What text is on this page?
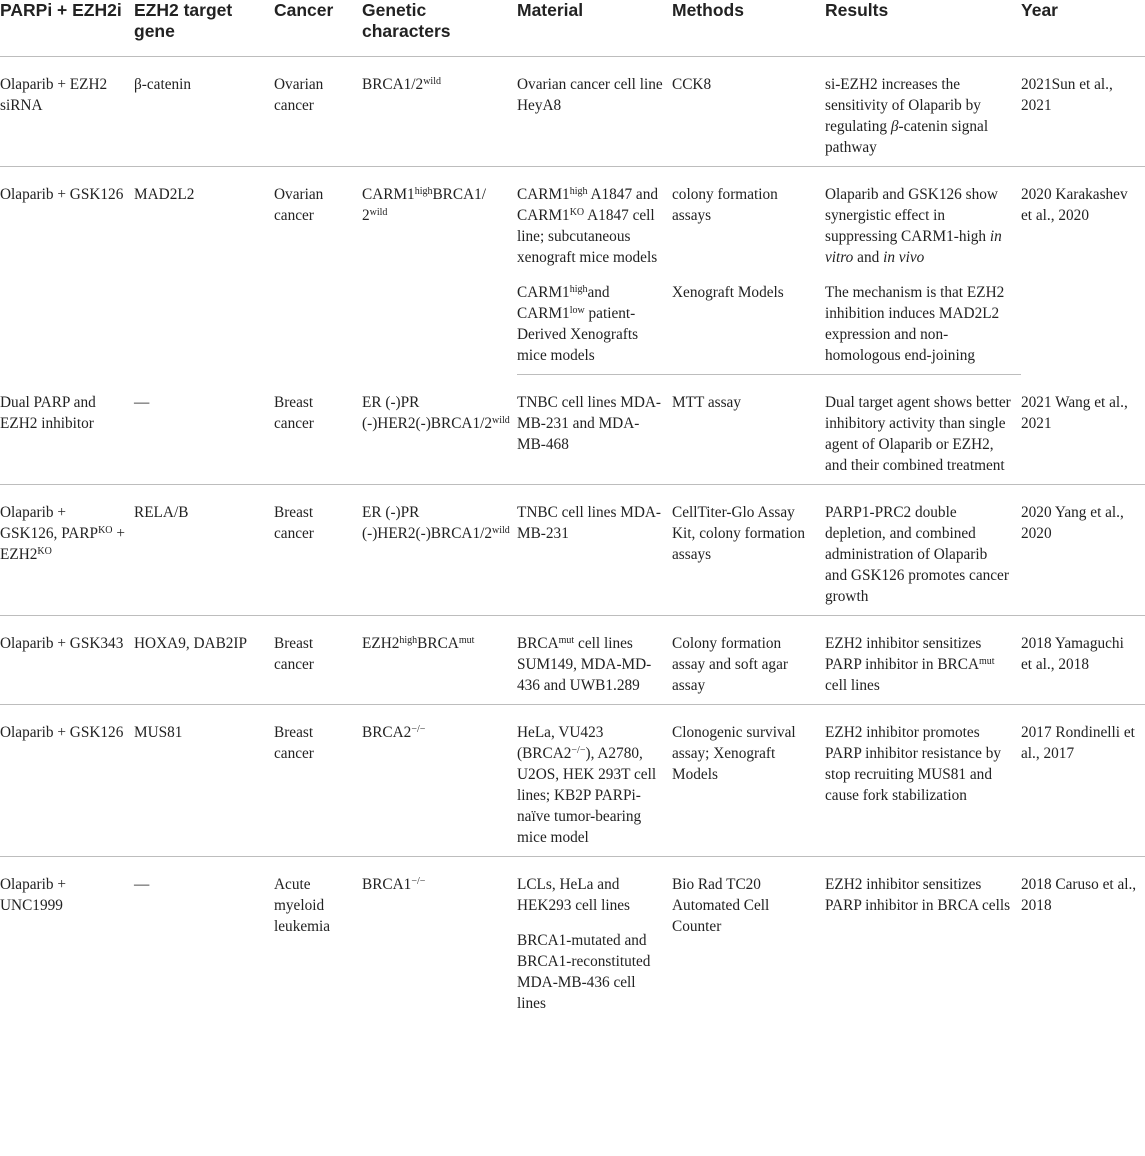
PARPi + EZH2i	EZH2 target gene	Cancer	Genetic characters	Material	Methods	Results	Year
Olaparib + EZH2 siRNA	β-catenin	Ovarian cancer	$BRCA1/2^{wild}$	Ovarian cancer cell line HeyA8	CCK8	si-EZH2 increases the sensitivity of Olaparib by regulating β-catenin signal pathway	2021Sun et al., 2021
Olaparib + GSK126	MAD2L2	Ovarian cancer	$CARM1^{high}BRCA1/$ $2^{wild}$	$CARM1^{high}$ A1847 and $CARM1^{KO}$ A1847 cell line; subcutaneous xenograft mice models	colony formation assays	Olaparib and GSK126 show synergistic effect in suppressing CARM1-high in vitro and in vivo	2020 Karakashev et al., 2020
				$CARM1^{high}and$ $CARM1^{low}$ patient-Derived Xenografts mice models	Xenograft Models	The mechanism is that EZH2 inhibition induces MAD2L2 expression and non-homologous end-joining	
Dual PARP and EZH2 inhibitor	—	Breast cancer	ER (-)PR $(-)HER2(-)BRCA1/2^{wild}$	TNBC cell lines MDA-MB-231 and MDA-MB-468	MTT assay	Dual target agent shows better inhibitory activity than single agent of Olaparib or EZH2, and their combined treatment	2021 Wang et al., 2021
Olaparib + GSK126, $PARP^{KO} + EZH2^{KO}$	RELA/B	Breast cancer	ER (-)PR $(-)HER2(-)BRCA1/2^{wild}$	TNBC cell lines MDA-MB-231	CellTiter-Glo Assay Kit, colony formation assays	PARP1-PRC2 double depletion, and combined administration of Olaparib and GSK126 promotes cancer growth	2020 Yang et al., 2020
Olaparib + GSK343	HOXA9, DAB2IP	Breast cancer	$EZH2^{high}BRCA^{mut}$	$BRCA^{mut}$ cell lines SUM149, MDA-MD-436 and UWB1.289	Colony formation assay and soft agar assay	EZH2 inhibitor sensitizes PARP inhibitor in $BRCA^{mut}$ cell lines	2018 Yamaguchi et al., 2018
Olaparib + GSK126	MUS81	Breast cancer	BRCA2−/−	HeLa, VU423 (BRCA2−/−), A2780, U2OS, HEK 293T cell lines; KB2P PARPi-naïve tumor-bearing mice model	Clonogenic survival assay; Xenograft Models	EZH2 inhibitor promotes PARP inhibitor resistance by stop recruiting MUS81 and cause fork stabilization	2017 Rondinelli et al., 2017
Olaparib + UNC1999	—	Acute myeloid leukemia	BRCA1−/−	LCLs, HeLa and HEK293 cell lines	Bio Rad TC20 Automated Cell Counter	EZH2 inhibitor sensitizes PARP inhibitor in BRCA cells	2018 Caruso et al., 2018
				BRCA1-mutated and BRCA1-reconstituted MDA-MB-436 cell lines			
